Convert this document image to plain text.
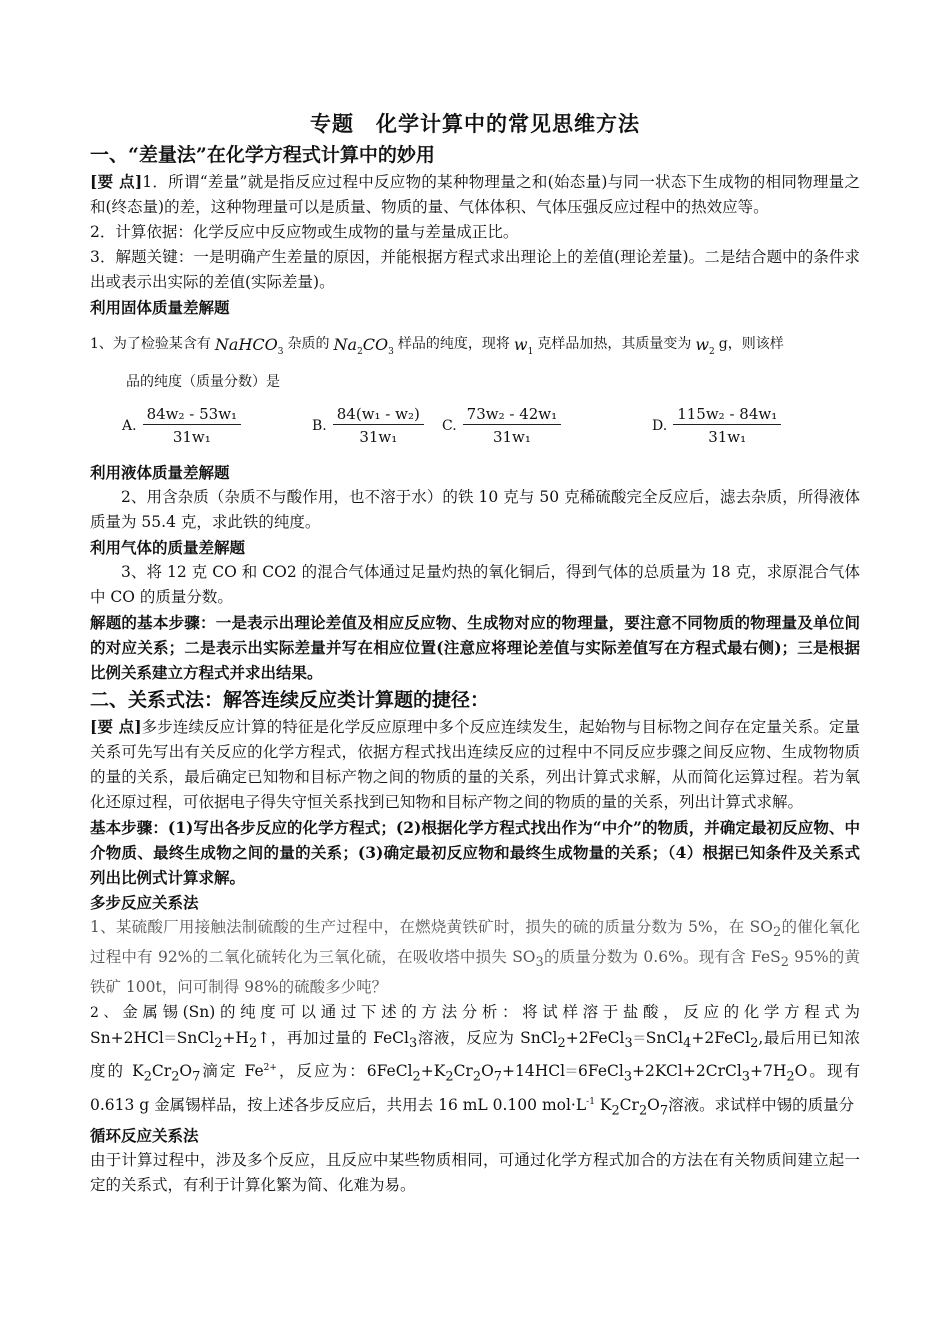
专题　化学计算中的常见思维方法
一、“差量法”在化学方程式计算中的妙用

[要 点]1．所谓“差量”就是指反应过程中反应物的某种物理量之和(始态量)与同一状态下生成物的相同物理量之和(终态量)的差，这种物理量可以是质量、物质的量、气体体积、气体压强反应过程中的热效应等。

2．计算依据：化学反应中反应物或生成物的量与差量成正比。

3．解题关键：一是明确产生差量的原因，并能根据方程式求出理论上的差值(理论差量)。二是结合题中的条件求出或表示出实际的差值(实际差量)。

利用固体质量差解题

1、为了检验某含有 NaHCO$_3$ 杂质的 $Na_2CO_3$ 样品的纯度，现将 $w_1$ 克样品加热，其质量变为 $w_2$ g，则该样
品的纯度（质量分数）是
A. $\frac{\text{84w₂ - 53w₁}}{\text{31w₁}}$	B. $\frac{\text{84(w₁ - w₂)}}{\text{31w₁}} C$. $\frac{\text{73w₂ - 42w₁}}{\text{31w₁}}$	D. $\frac{\text{115w₂ - 84w₁}}{\text{31w₁}}$

利用液体质量差解题

2、用含杂质（杂质不与酸作用，也不溶于水）的铁 10 克与 50 克稀硫酸完全反应后，滤去杂质，所得液体质量为 55.4 克，求此铁的纯度。

利用气体的质量差解题

3、将 12 克 CO 和 CO2 的混合气体通过足量灼热的氧化铜后，得到气体的总质量为 18 克，求原混合气体中 CO 的质量分数。

解题的基本步骤：一是表示出理论差值及相应反应物、生成物对应的物理量，要注意不同物质的物理量及单位间的对应关系；二是表示出实际差量并写在相应位置(注意应将理论差值与实际差值写在方程式最右侧)；三是根据比例关系建立方程式并求出结果。

二、关系式法：解答连续反应类计算题的捷径：

[要 点]多步连续反应计算的特征是化学反应原理中多个反应连续发生，起始物与目标物之间存在定量关系。定量关系可先写出有关反应的化学方程式，依据方程式找出连续反应的过程中不同反应步骤之间反应物、生成物物质的量的关系，最后确定已知物和目标产物之间的物质的量的关系，列出计算式求解，从而简化运算过程。若为氧化还原过程，可依据电子得失守恒关系找到已知物和目标产物之间的物质的量的关系，列出计算式求解。

基本步骤：(1)写出各步反应的化学方程式；(2)根据化学方程式找出作为“中介”的物质，并确定最初反应物、中介物质、最终生成物之间的量的关系；(3)确定最初反应物和最终生成物量的关系；（4）根据已知条件及关系式列出比例式计算求解。

多步反应关系法

1、某硫酸厂用接触法制硫酸的生产过程中，在燃烧黄铁矿时，损失的硫的质量分数为 5%，在 $SO_2$的催化氧化过程中有 92%的二氧化硫转化为三氧化硫，在吸收塔中损失 $SO_3$的质量分数为 0.6%。现有含 FeS$_2$ 95%的黄铁矿 100t，问可制得 98%的硫酸多少吨？

2、金属锡(Sn)的纯度可以通过下述的方法分析：将试样溶于盐酸，反应的化学方程式为 $Sn+2HCl=SnCl_2+H_2↑$，再加过量的 FeCl$_3$溶液，反应为 SnCl$_2$+2FeCl$_3$=SnCl$_4$+2FeCl$_2$,最后用已知浓度的 $K_2Cr_2O_7$滴定 $Fe^{2+}$，反应为：$6FeCl_2+K_2Cr_2O_7+14HCl=6FeCl_3+2KCl+2CrCl_3+7H_2O$。现有 0.613 g 金属锡样品，按上述各步反应后，共用去 16 mL 0.100 $mol\cdot L^{-1}$ $K_2Cr_2O_7$溶液。求试样中锡的质量分

循环反应关系法

由于计算过程中，涉及多个反应，且反应中某些物质相同，可通过化学方程式加合的方法在有关物质间建立起一定的关系式，有利于计算化繁为简、化难为易。
